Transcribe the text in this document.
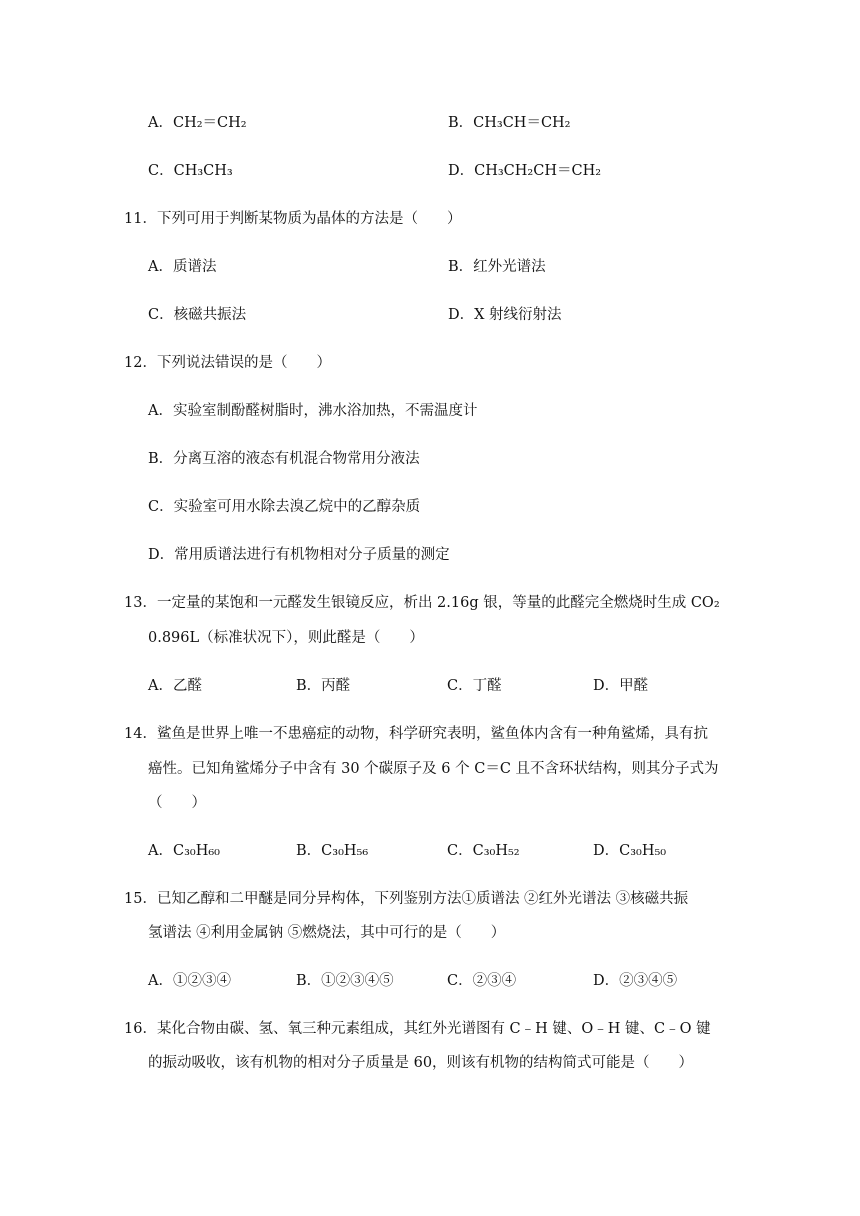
A．CH₂＝CH₂	B．CH₃CH＝CH₂
C．CH₃CH₃	D．CH₃CH₂CH＝CH₂
11．下列可用于判断某物质为晶体的方法是（　　）
A．质谱法	B．红外光谱法
C．核磁共振法	D．X 射线衍射法
12．下列说法错误的是（　　）
A．实验室制酚醛树脂时，沸水浴加热，不需温度计
B．分离互溶的液态有机混合物常用分液法
C．实验室可用水除去溴乙烷中的乙醇杂质
D．常用质谱法进行有机物相对分子质量的测定
13．一定量的某饱和一元醛发生银镜反应，析出 2.16g 银，等量的此醛完全燃烧时生成 CO₂
0.896L（标准状况下），则此醛是（　　）
A．乙醛	B．丙醛	C．丁醛	D．甲醛
14．鲨鱼是世界上唯一不患癌症的动物，科学研究表明，鲨鱼体内含有一种角鲨烯，具有抗
癌性。已知角鲨烯分子中含有 30 个碳原子及 6 个 C＝C 且不含环状结构，则其分子式为
（　　）
A．C₃₀H₆₀	B．C₃₀H₅₆	C．C₃₀H₅₂	D．C₃₀H₅₀
15．已知乙醇和二甲醚是同分异构体，下列鉴别方法①质谱法 ②红外光谱法 ③核磁共振
氢谱法 ④利用金属钠 ⑤燃烧法，其中可行的是（　　）
A．①②③④	B．①②③④⑤	C．②③④	D．②③④⑤
16．某化合物由碳、氢、氧三种元素组成，其红外光谱图有 C﹣H 键、O﹣H 键、C﹣O 键
的振动吸收，该有机物的相对分子质量是 60，则该有机物的结构简式可能是（　　）
